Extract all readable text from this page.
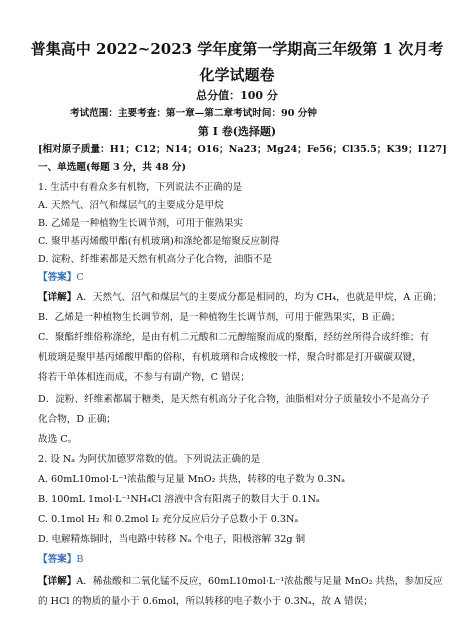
普集高中 2022~2023 学年度第一学期高三年级第 1 次月考
化学试题卷
总分值：100 分
考试范围：主要考查：第一章—第二章考试时间：90 分钟
第 I 卷(选择题)
[相对原子质量：H1；C12；N14；O16；Na23；Mg24；Fe56；Cl35.5；K39；I127]
一、单选题(每题 3 分，共 48 分)
1. 生活中有着众多有机物，下列说法不正确的是
A. 天然气、沼气和煤层气的主要成分是甲烷
B. 乙烯是一种植物生长调节剂，可用于催熟果实
C. 聚甲基丙烯酸甲酯(有机玻璃)和涤纶都是缩聚反应制得
D. 淀粉、纤维素都是天然有机高分子化合物，油脂不是
【答案】C
【详解】A．天然气、沼气和煤层气的主要成分都是相同的，均为 CH₄，也就是甲烷，A 正确；
B．乙烯是一种植物生长调节剂，是一种植物生长调节剂，可用于催熟果实，B 正确；
C．聚酯纤维俗称涤纶，是由有机二元酸和二元醇缩聚而成的聚酯，经纺丝所得合成纤维；有
机玻璃是聚甲基丙烯酸甲酯的俗称，有机玻璃和合成橡胶一样，聚合时都是打开碳碳双键，
将若干单体相连而成，不参与有副产物，C 错误；
D．淀粉、纤维素都属于糖类，是天然有机高分子化合物，油脂相对分子质量较小不是高分子
化合物，D 正确；
故选 C。
2. 设 Nₐ 为阿伏加德罗常数的值。下列说法正确的是
A. 60mL10mol·L⁻¹浓盐酸与足量 MnO₂ 共热，转移的电子数为 0.3Nₐ
B. 100mL 1mol·L⁻¹NH₄Cl 溶液中含有阳离子的数目大于 0.1Nₐ
C. 0.1mol H₂ 和 0.2mol I₂ 充分反应后分子总数小于 0.3Nₐ
D. 电解精炼铜时，当电路中转移 Nₐ 个电子，阳极溶解 32g 铜
【答案】B
【详解】A．稀盐酸和二氧化锰不反应，60mL10mol·L⁻¹浓盐酸与足量 MnO₂ 共热，参加反应
的 HCl 的物质的量小于 0.6mol，所以转移的电子数小于 0.3Nₐ，故 A 错误；
